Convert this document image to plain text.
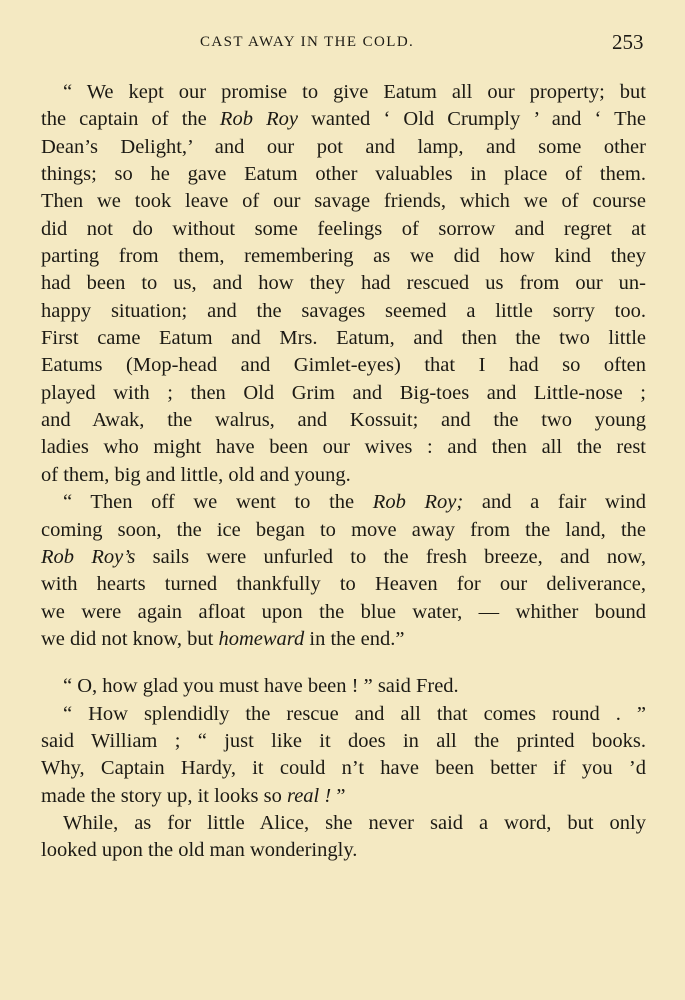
CAST AWAY IN THE COLD.	253
“ We kept our promise to give Eatum all our property; but
the captain of the Rob Roy wanted ‘ Old Crumply ’ and ‘ The
Dean’s Delight,’ and our pot and lamp, and some other
things; so he gave Eatum other valuables in place of them.
Then we took leave of our savage friends, which we of course
did not do without some feelings of sorrow and regret at
parting from them, remembering as we did how kind they
had been to us, and how they had rescued us from our un-
happy situation; and the savages seemed a little sorry too.
First came Eatum and Mrs. Eatum, and then the two little
Eatums (Mop-head and Gimlet-eyes) that I had so often
played with ; then Old Grim and Big-toes and Little-nose ;
and Awak, the walrus, and Kossuit; and the two young
ladies who might have been our wives : and then all the rest
of them, big and little, old and young.
“ Then off we went to the Rob Roy; and a fair wind
coming soon, the ice began to move away from the land, the
Rob Roy’s sails were unfurled to the fresh breeze, and now,
with hearts turned thankfully to Heaven for our deliverance,
we were again afloat upon the blue water, — whither bound
we did not know, but homeward in the end.”
“ O, how glad you must have been ! ” said Fred.
“ How splendidly the rescue and all that comes round . ”
said William ; “ just like it does in all the printed books.
Why, Captain Hardy, it could n’t have been better if you ’d
made the story up, it looks so real ! ”
While, as for little Alice, she never said a word, but only
looked upon the old man wonderingly.
